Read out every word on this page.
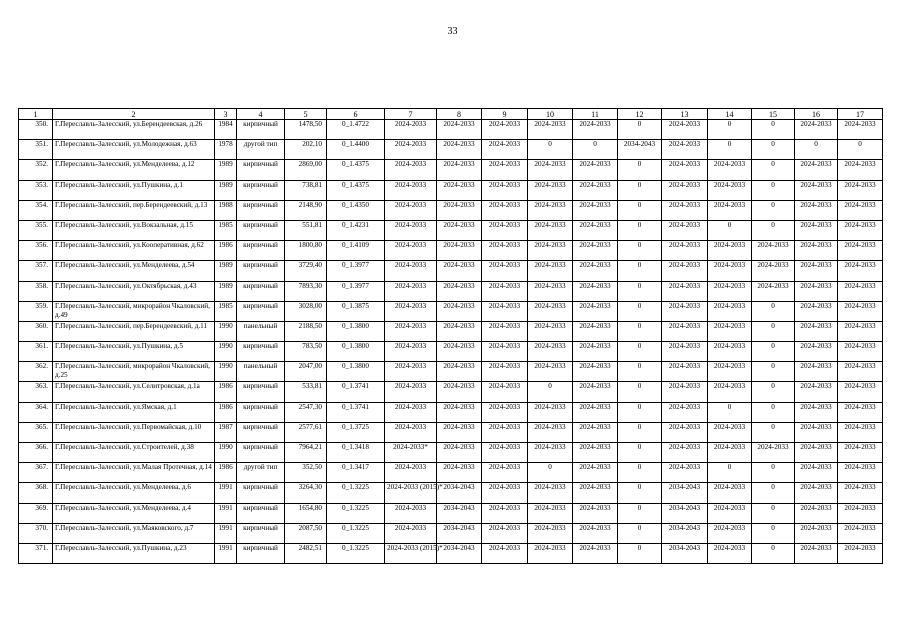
33
1	2	3	4	5	6	7	8	9	10	11	12	13	14	15	16	17
350.	Г.Переславль-Залесский, ул.Берендеевская, д.26	1984	кирпичный	1478,50	0_1.4722	2024-2033	2024-2033	2024-2033	2024-2033	2024-2033	0	2024-2033	0	0	2024-2033	2024-2033
351.	Г.Переславль-Залесский, ул.Молодежная, д.63	1978	другой тип	202,10	0_1.4400	2024-2033	2024-2033	2024-2033	0	0	2034-2043	2024-2033	0	0	0	0
352.	Г.Переславль-Залесский, ул.Менделеева, д.12	1989	кирпичный	2869,00	0_1.4375	2024-2033	2024-2033	2024-2033	2024-2033	2024-2033	0	2024-2033	2024-2033	0	2024-2033	2024-2033
353.	Г.Переславль-Залесский, ул.Пушкина, д.1	1989	кирпичный	738,81	0_1.4375	2024-2033	2024-2033	2024-2033	2024-2033	2024-2033	0	2024-2033	2024-2033	0	2024-2033	2024-2033
354.	Г.Переславль-Залесский, пер.Берендеевский, д.13	1988	кирпичный	2148,90	0_1.4350	2024-2033	2024-2033	2024-2033	2024-2033	2024-2033	0	2024-2033	2024-2033	0	2024-2033	2024-2033
355.	Г.Переславль-Залесский, ул.Вокзальная, д.15	1985	кирпичный	551,81	0_1.4231	2024-2033	2024-2033	2024-2033	2024-2033	2024-2033	0	2024-2033	0	0	2024-2033	2024-2033
356.	Г.Переславль-Залесский, ул.Кооперативная, д.62	1986	кирпичный	1800,80	0_1.4109	2024-2033	2024-2033	2024-2033	2024-2033	2024-2033	0	2024-2033	2024-2033	2024-2033	2024-2033	2024-2033
357.	Г.Переславль-Залесский, ул.Менделеева, д.54	1989	кирпичный	3729,40	0_1.3977	2024-2033	2024-2033	2024-2033	2024-2033	2024-2033	0	2024-2033	2024-2033	2024-2033	2024-2033	2024-2033
358.	Г.Переславль-Залесский, ул.Октябрьская, д.43	1989	кирпичный	7893,30	0_1.3977	2024-2033	2024-2033	2024-2033	2024-2033	2024-2033	0	2024-2033	2024-2033	2024-2033	2024-2033	2024-2033
359.	Г.Переславль-Залесский, микрорайон Чкаловский, д.49	1985	кирпичный	3028,00	0_1.3875	2024-2033	2024-2033	2024-2033	2024-2033	2024-2033	0	2024-2033	2024-2033	0	2024-2033	2024-2033
360.	Г.Переславль-Залесский, пер.Берендеевский, д.11	1990	панельный	2188,50	0_1.3800	2024-2033	2024-2033	2024-2033	2024-2033	2024-2033	0	2024-2033	2024-2033	0	2024-2033	2024-2033
361.	Г.Переславль-Залесский, ул.Пушкина, д.5	1990	кирпичный	783,50	0_1.3800	2024-2033	2024-2033	2024-2033	2024-2033	2024-2033	0	2024-2033	2024-2033	0	2024-2033	2024-2033
362.	Г.Переславль-Залесский, микрорайон Чкаловский, д.25	1990	панельный	2047,00	0_1.3800	2024-2033	2024-2033	2024-2033	2024-2033	2024-2033	0	2024-2033	2024-2033	0	2024-2033	2024-2033
363.	Г.Переславль-Залесский, ул.Селитровская, д.1а	1986	кирпичный	533,81	0_1.3741	2024-2033	2024-2033	2024-2033	0	2024-2033	0	2024-2033	2024-2033	0	2024-2033	2024-2033
364.	Г.Переславль-Залесский, ул.Ямская, д.1	1986	кирпичный	2547,30	0_1.3741	2024-2033	2024-2033	2024-2033	2024-2033	2024-2033	0	2024-2033	0	0	2024-2033	2024-2033
365.	Г.Переславль-Залесский, ул.Первомайская, д.10	1987	кирпичный	2577,61	0_1.3725	2024-2033	2024-2033	2024-2033	2024-2033	2024-2033	0	2024-2033	2024-2033	0	2024-2033	2024-2033
366.	Г.Переславль-Залесский, ул.Строителей, д.38	1990	кирпичный	7964,21	0_1.3418	2024-2033*	2024-2033	2024-2033	2024-2033	2024-2033	0	2024-2033	2024-2033	2024-2033	2024-2033	2024-2033
367.	Г.Переславль-Залесский, ул.Малая Протечная, д.14	1986	другой тип	352,50	0_1.3417	2024-2033	2024-2033	2024-2033	0	2024-2033	0	2024-2033	0	0	2024-2033	2024-2033
368.	Г.Переславль-Залесский, ул.Менделеева, д.6	1991	кирпичный	3264,30	0_1.3225	2024-2033 (2015)*	2034-2043	2024-2033	2024-2033	2024-2033	0	2034-2043	2024-2033	0	2024-2033	2024-2033
369.	Г.Переславль-Залесский, ул.Менделеева, д.4	1991	кирпичный	1654,80	0_1.3225	2024-2033	2034-2043	2024-2033	2024-2033	2024-2033	0	2034-2043	2024-2033	0	2024-2033	2024-2033
370.	Г.Переславль-Залесский, ул.Маяковского, д.7	1991	кирпичный	2087,50	0_1.3225	2024-2033	2034-2043	2024-2033	2024-2033	2024-2033	0	2034-2043	2024-2033	0	2024-2033	2024-2033
371.	Г.Переславль-Залесский, ул.Пушкина, д.23	1991	кирпичный	2482,51	0_1.3225	2024-2033 (2015)*	2034-2043	2024-2033	2024-2033	2024-2033	0	2034-2043	2024-2033	0	2024-2033	2024-2033
